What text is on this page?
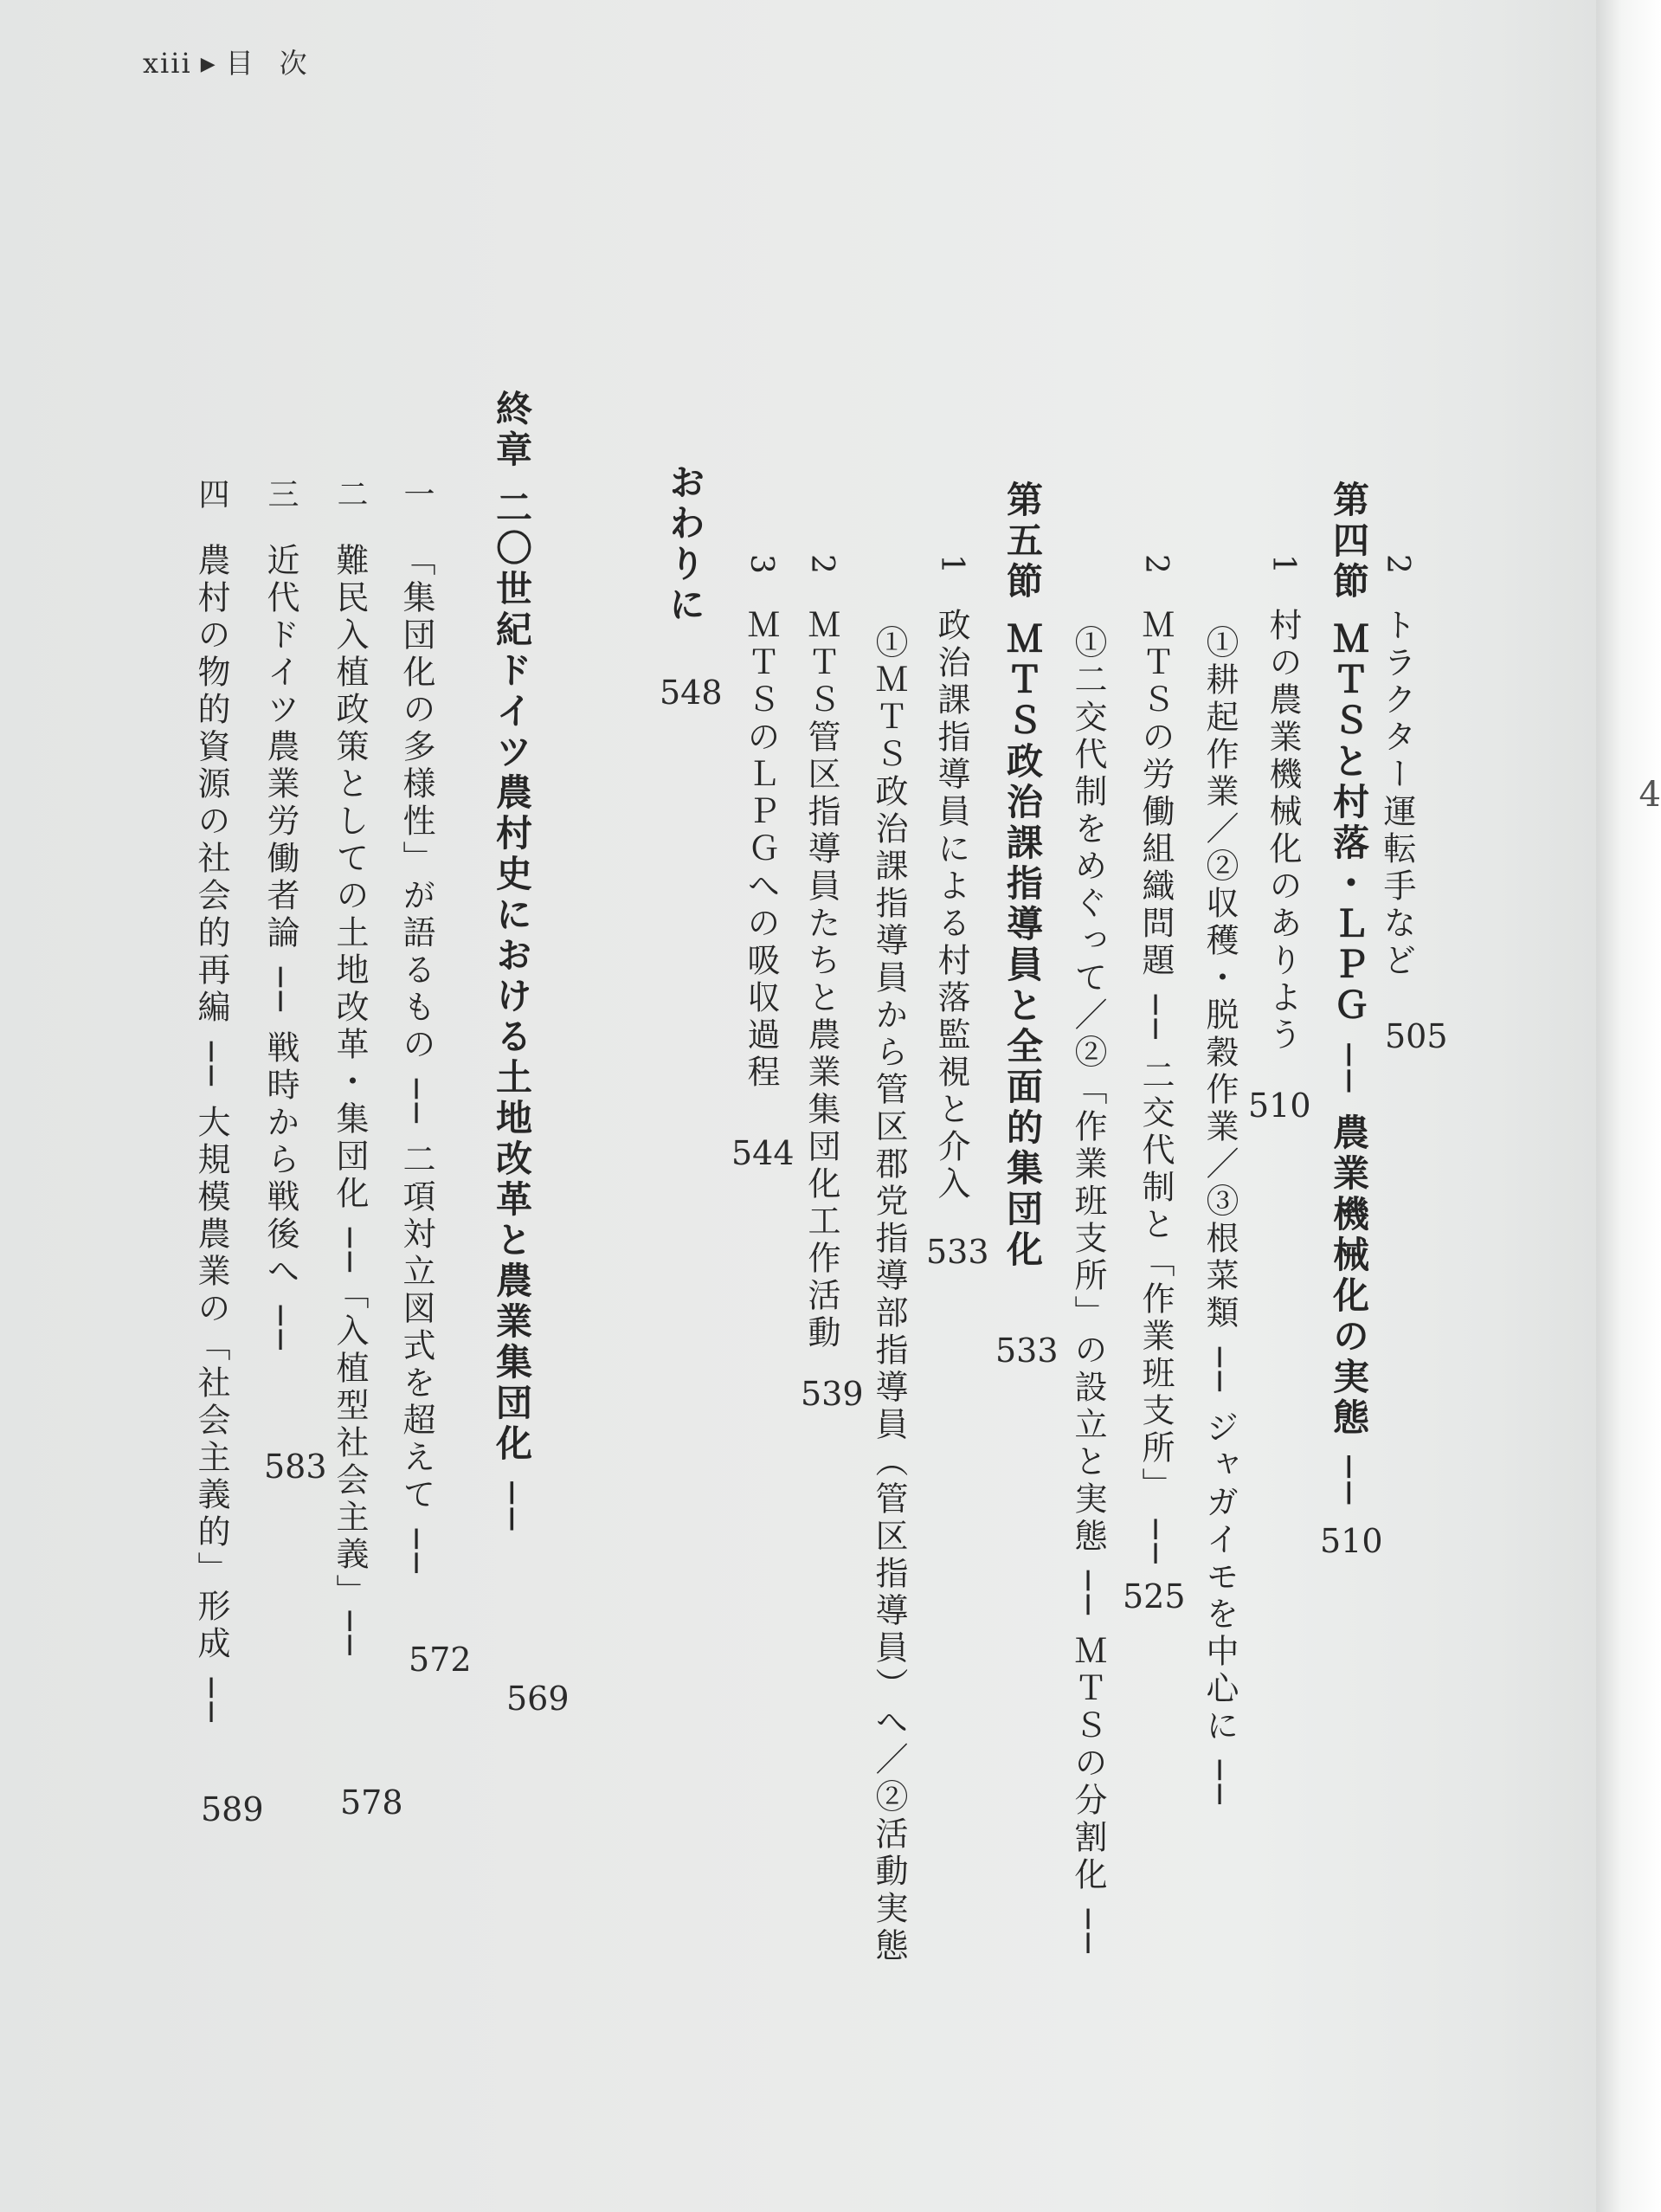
4
xiii ▶ 目次
2トラクター運転手など
505
第四節ＭＴＳと村落・ＬＰＧ ── 農業機械化の実態 ──
510
1村の農業機械化のありよう
510
①耕起作業／②収穫・脱穀作業／③根菜類 ── ジャガイモを中心に ──
2ＭＴＳの労働組織問題 ── 二交代制と「作業班支所」 ──
525
①二交代制をめぐって／②「作業班支所」の設立と実態 ── ＭＴＳの分割化 ──
第五節ＭＴＳ政治課指導員と全面的集団化
533
1政治課指導員による村落監視と介入
533
①ＭＴＳ政治課指導員から管区郡党指導部指導員（管区指導員）へ／②活動実態
2ＭＴＳ管区指導員たちと農業集団化工作活動
539
3ＭＴＳのＬＰＧへの吸収過程
544
おわりに
548
終章二〇世紀ドイツ農村史における土地改革と農業集団化 ──
569
一「集団化の多様性」が語るもの ── 二項対立図式を超えて ──
572
二難民入植政策としての土地改革・集団化 ──「入植型社会主義」──
578
三近代ドイツ農業労働者論 ── 戦時から戦後へ ──
583
四農村の物的資源の社会的再編 ── 大規模農業の「社会主義的」形成 ──
589
